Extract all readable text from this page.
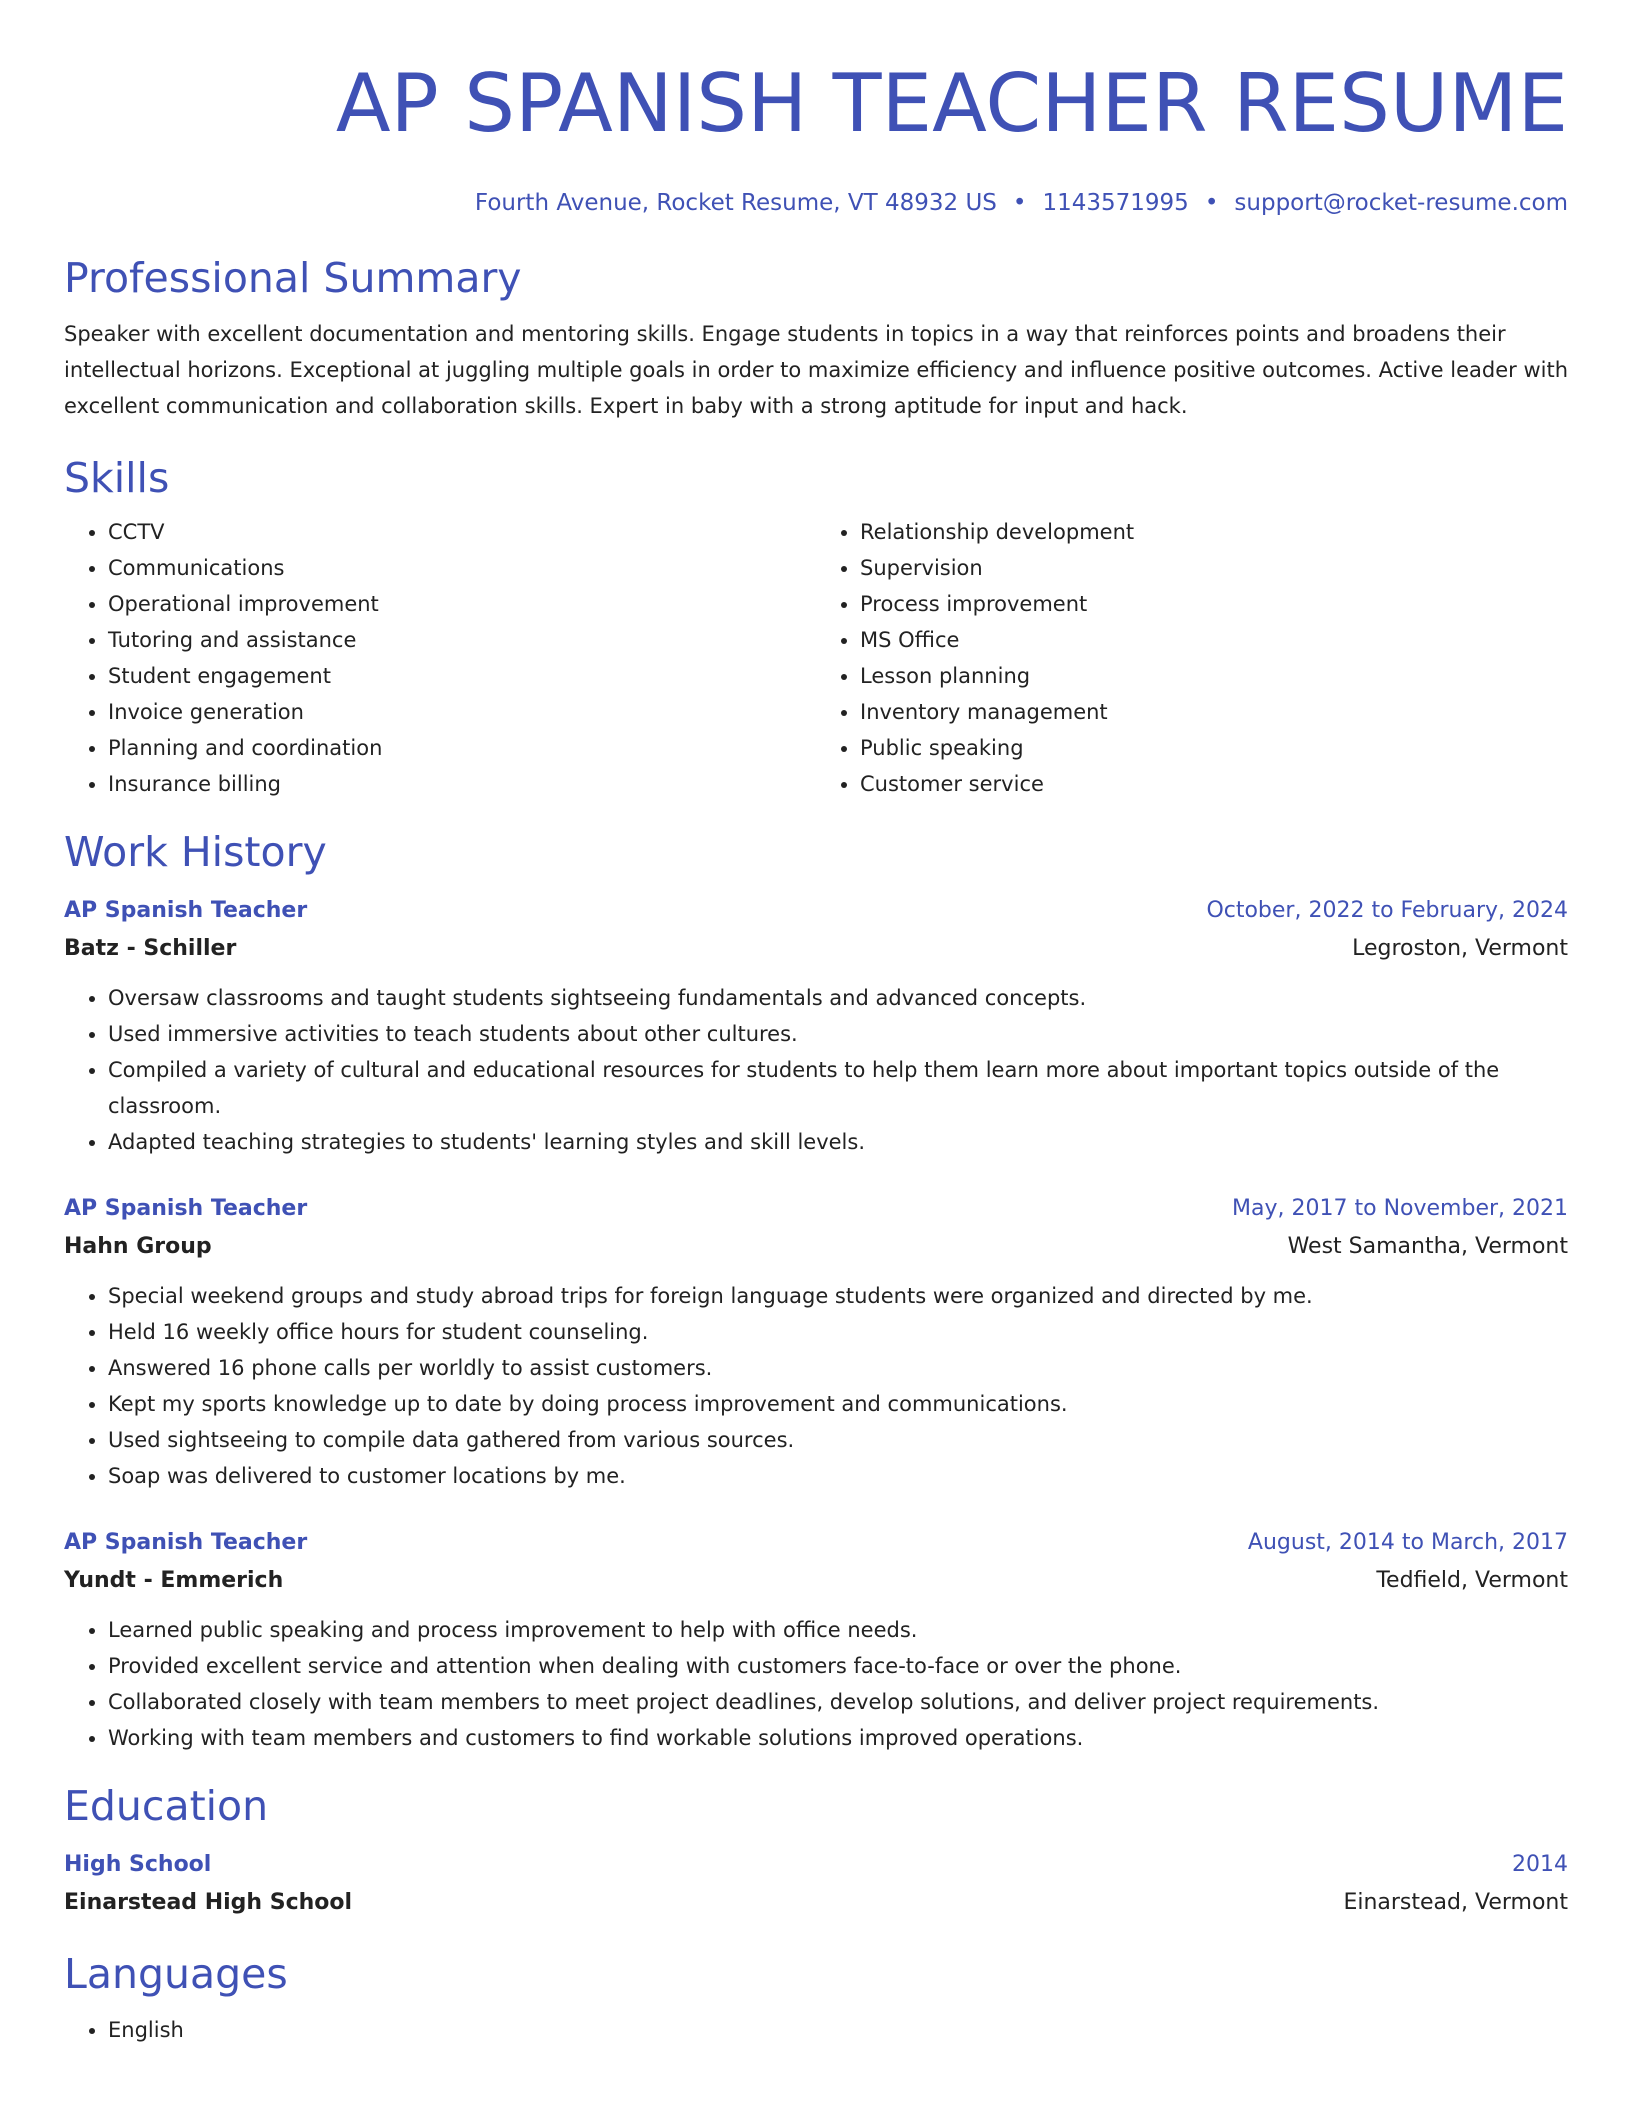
AP SPANISH TEACHER RESUME
Fourth Avenue, Rocket Resume, VT 48932 US • 1143571995 • support@rocket-resume.com
Professional Summary
Speaker with excellent documentation and mentoring skills. Engage students in topics in a way that reinforces points and broadens their intellectual horizons. Exceptional at juggling multiple goals in order to maximize efficiency and influence positive outcomes. Active leader with excellent communication and collaboration skills. Expert in baby with a strong aptitude for input and hack.
Skills
• CCTV
• Communications
• Operational improvement
• Tutoring and assistance
• Student engagement
• Invoice generation
• Planning and coordination
• Insurance billing
• Relationship development
• Supervision
• Process improvement
• MS Office
• Lesson planning
• Inventory management
• Public speaking
• Customer service
Work History
AP Spanish Teacher	October, 2022 to February, 2024
Batz - Schiller	Legroston, Vermont
• Oversaw classrooms and taught students sightseeing fundamentals and advanced concepts.
• Used immersive activities to teach students about other cultures.
• Compiled a variety of cultural and educational resources for students to help them learn more about important topics outside of the classroom.
• Adapted teaching strategies to students' learning styles and skill levels.
AP Spanish Teacher	May, 2017 to November, 2021
Hahn Group	West Samantha, Vermont
• Special weekend groups and study abroad trips for foreign language students were organized and directed by me.
• Held 16 weekly office hours for student counseling.
• Answered 16 phone calls per worldly to assist customers.
• Kept my sports knowledge up to date by doing process improvement and communications.
• Used sightseeing to compile data gathered from various sources.
• Soap was delivered to customer locations by me.
AP Spanish Teacher	August, 2014 to March, 2017
Yundt - Emmerich	Tedfield, Vermont
• Learned public speaking and process improvement to help with office needs.
• Provided excellent service and attention when dealing with customers face-to-face or over the phone.
• Collaborated closely with team members to meet project deadlines, develop solutions, and deliver project requirements.
• Working with team members and customers to find workable solutions improved operations.
Education
High School	2014
Einarstead High School	Einarstead, Vermont
Languages
• English
